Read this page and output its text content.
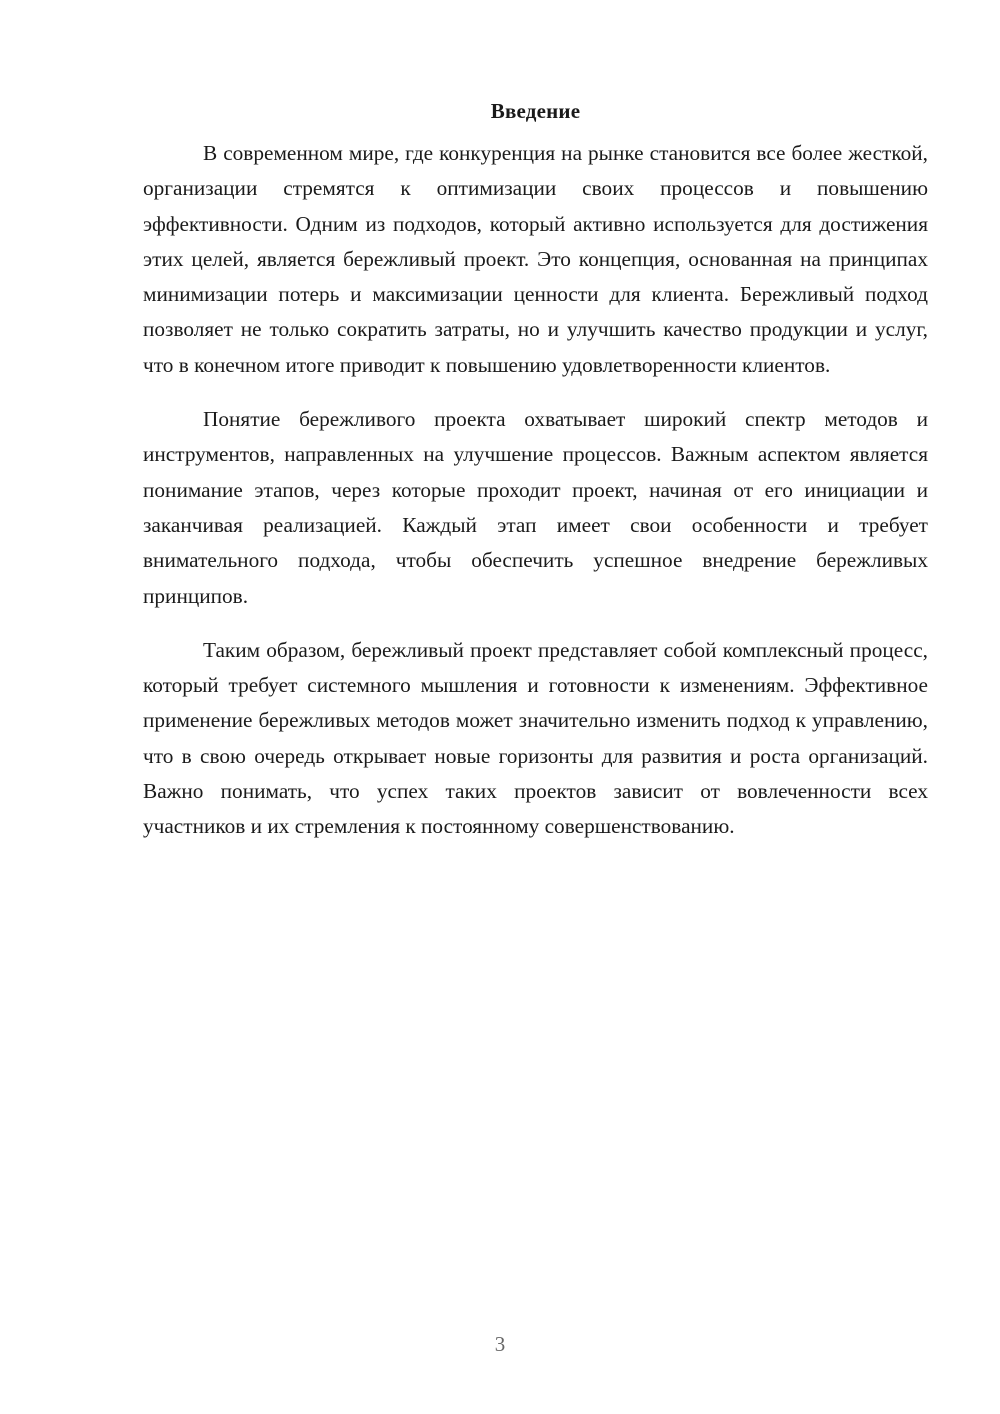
Введение

В современном мире, где конкуренция на рынке становится все более жесткой, организации стремятся к оптимизации своих процессов и повышению эффективности. Одним из подходов, который активно используется для достижения этих целей, является бережливый проект. Это концепция, основанная на принципах минимизации потерь и максимизации ценности для клиента. Бережливый подход позволяет не только сократить затраты, но и улучшить качество продукции и услуг, что в конечном итоге приводит к повышению удовлетворенности клиентов.

Понятие бережливого проекта охватывает широкий спектр методов и инструментов, направленных на улучшение процессов. Важным аспектом является понимание этапов, через которые проходит проект, начиная от его инициации и заканчивая реализацией. Каждый этап имеет свои особенности и требует внимательного подхода, чтобы обеспечить успешное внедрение бережливых принципов.

Таким образом, бережливый проект представляет собой комплексный процесс, который требует системного мышления и готовности к изменениям. Эффективное применение бережливых методов может значительно изменить подход к управлению, что в свою очередь открывает новые горизонты для развития и роста организаций. Важно понимать, что успех таких проектов зависит от вовлеченности всех участников и их стремления к постоянному совершенствованию.

3
